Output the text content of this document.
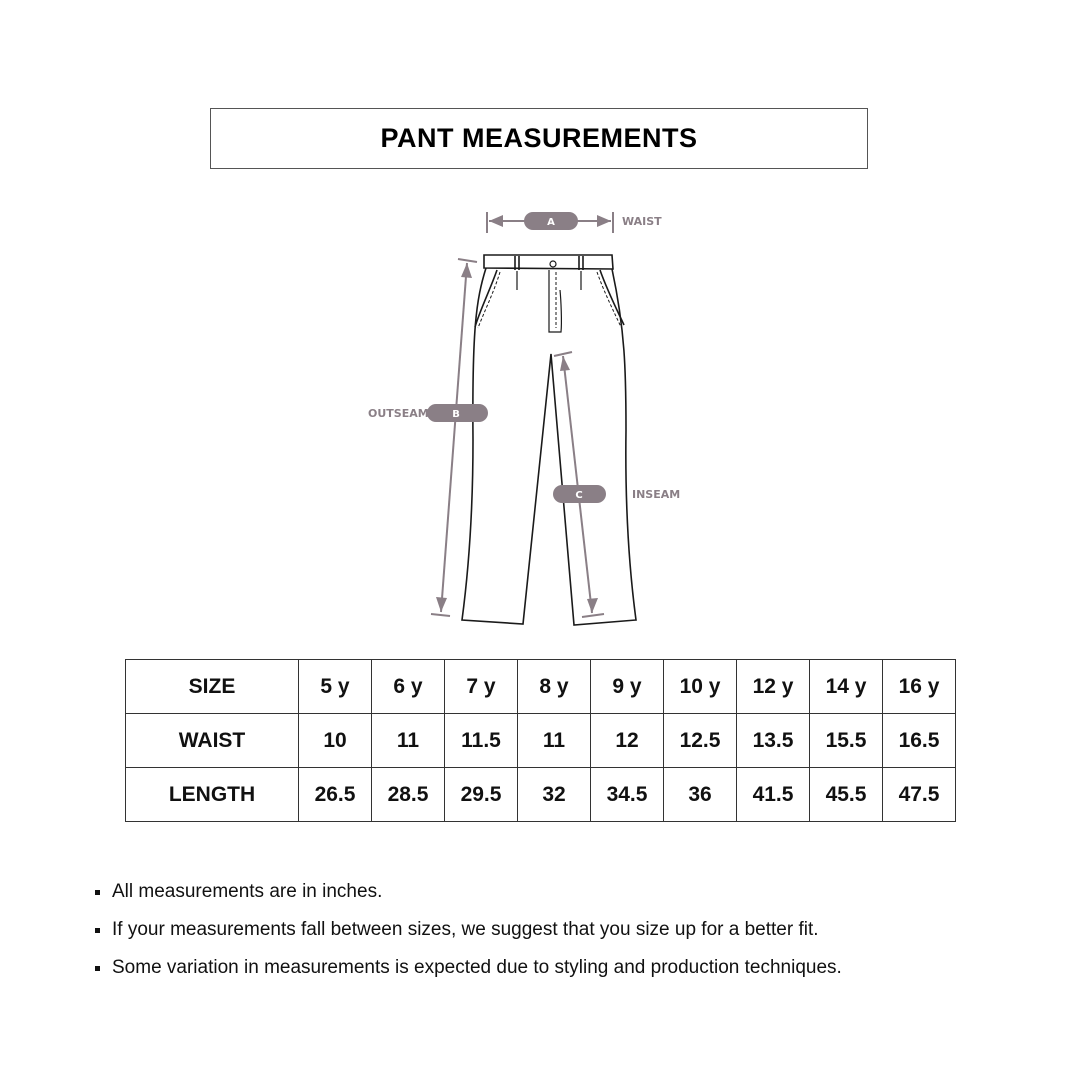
PANT MEASUREMENTS
A	WAIST
B
OUTSEAM
C	INSEAM
SIZE	5 y	6 y	7 y	8 y	9 y	10 y	12 y	14 y	16 y
WAIST	10	11	11.5	11	12	12.5	13.5	15.5	16.5
LENGTH	26.5	28.5	29.5	32	34.5	36	41.5	45.5	47.5
All measurements are in inches.
If your measurements fall between sizes, we suggest that you size up for a better fit.
Some variation in measurements is expected due to styling and production techniques.
